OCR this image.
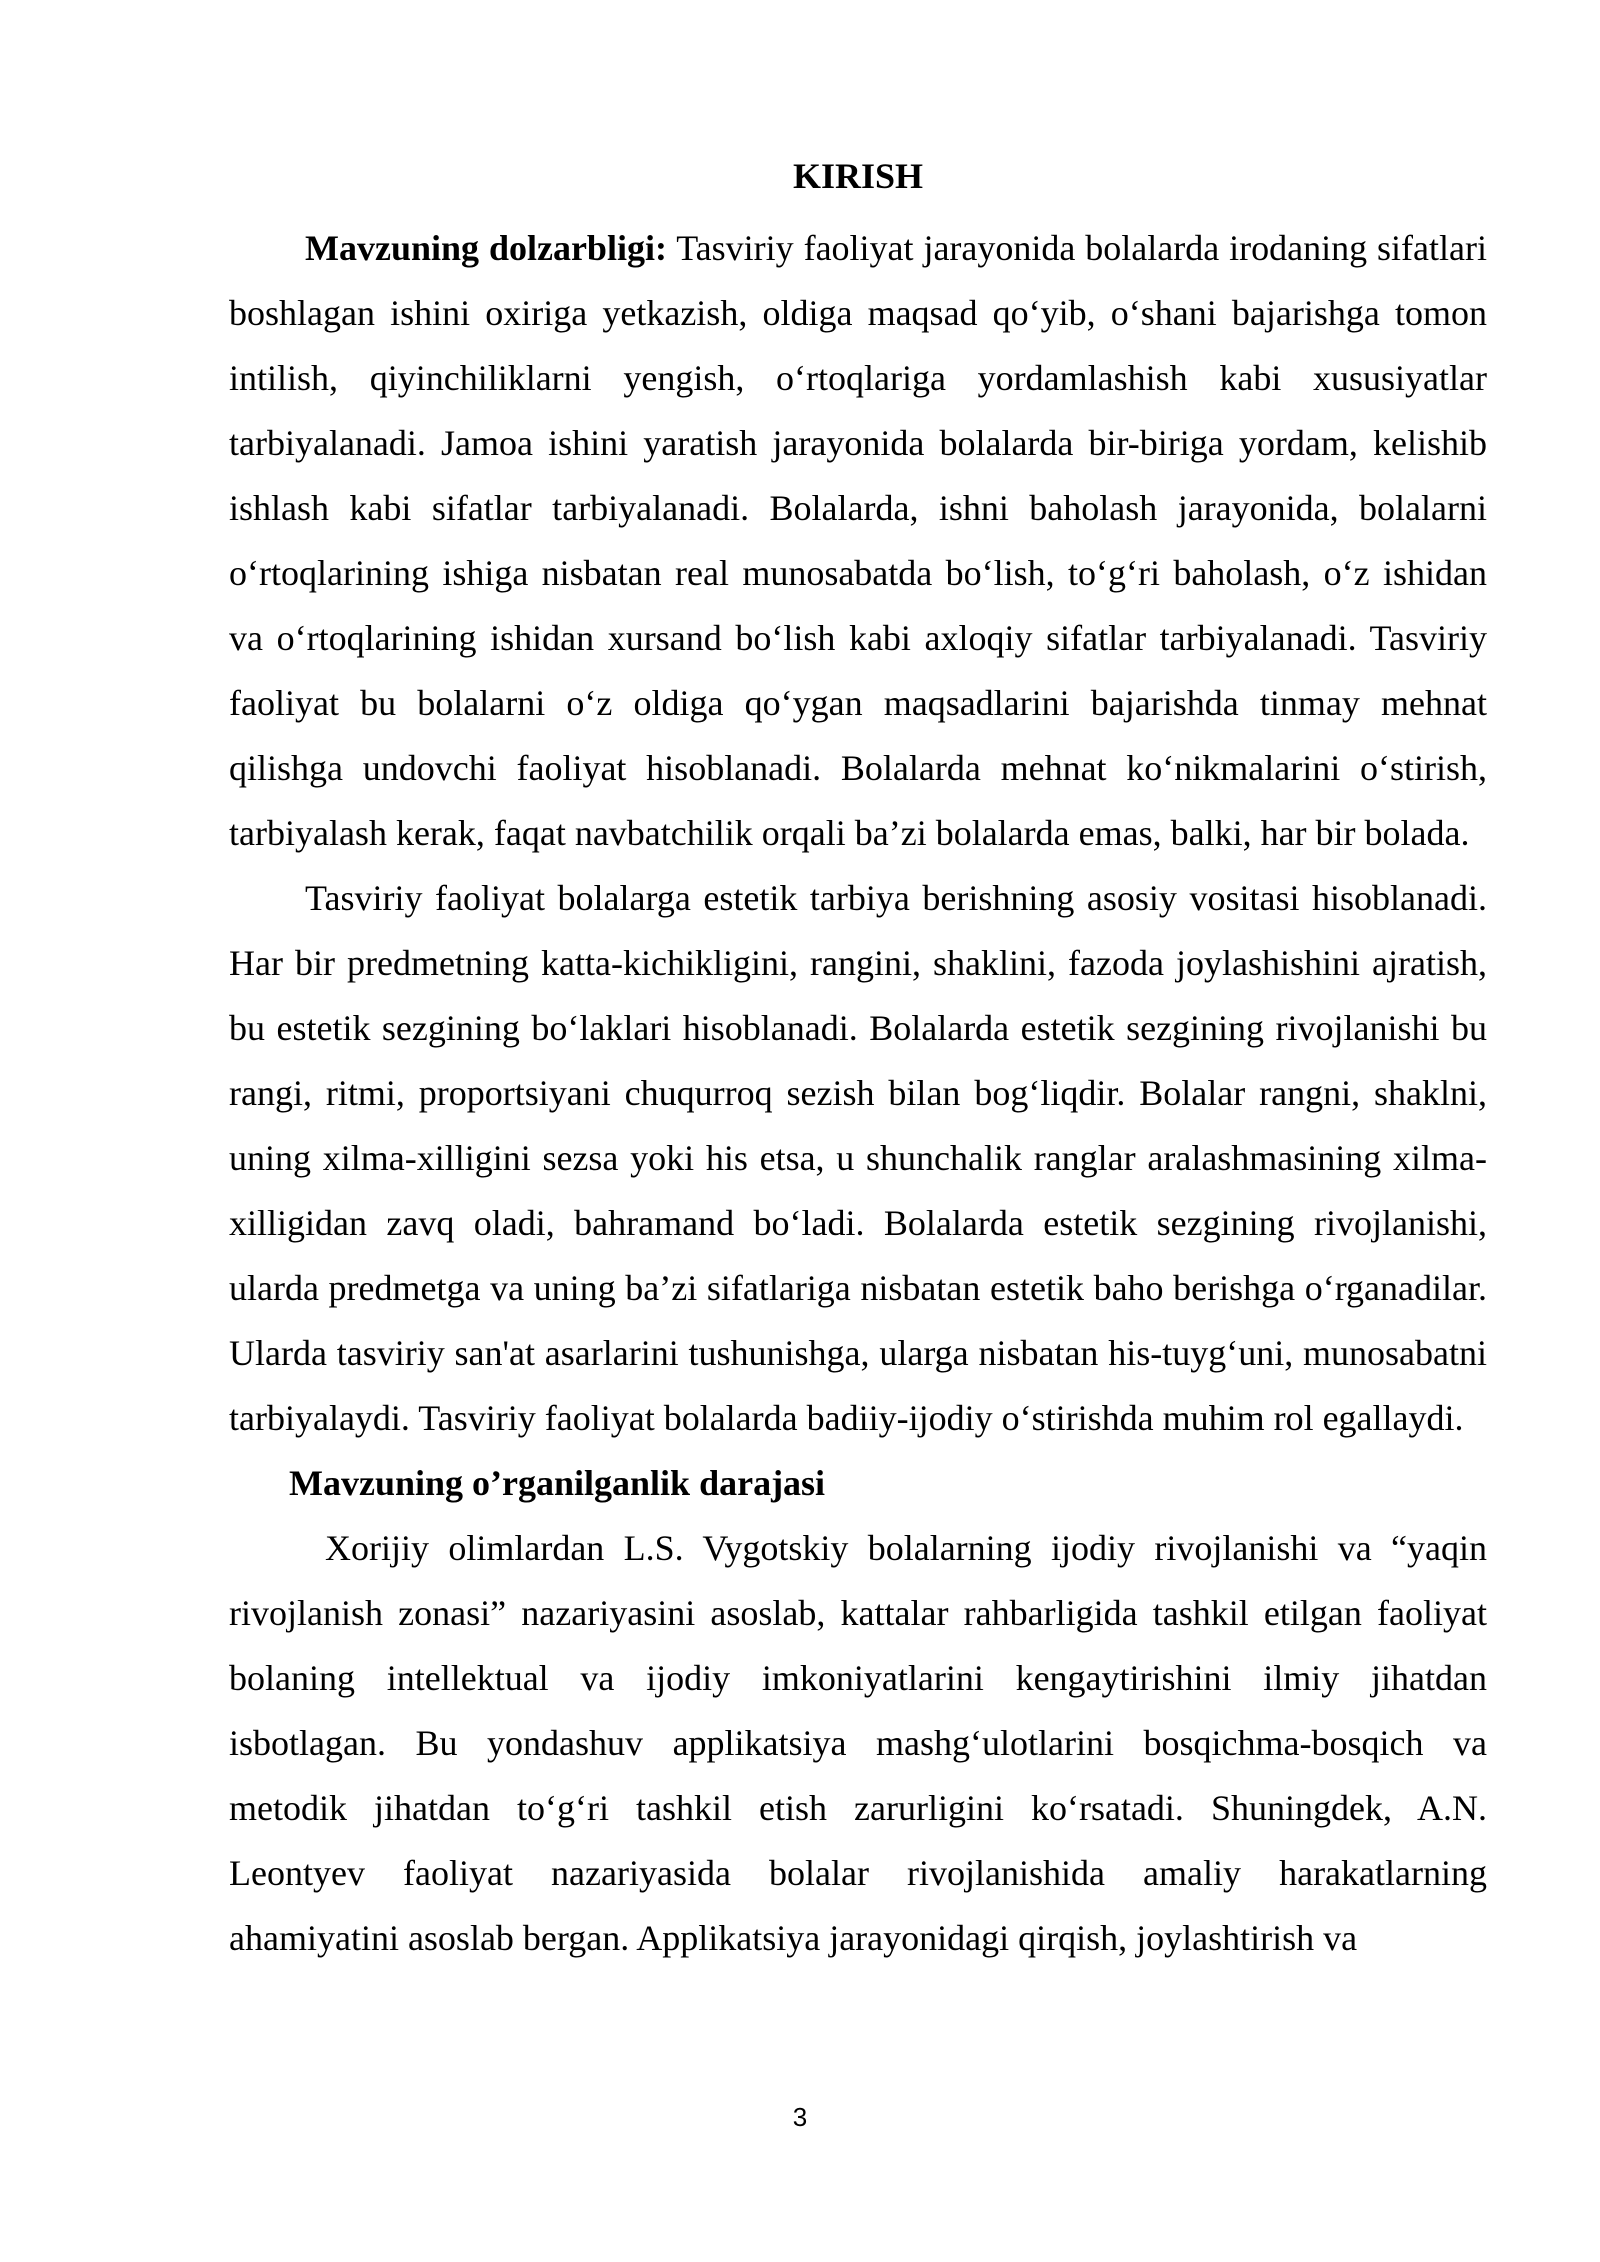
KIRISH

Mavzuning dolzarbligi: Tasviriy faoliyat jarayonida bolalarda irodaning sifatlari boshlagan ishini oxiriga yetkazish, oldiga maqsad qo‘yib, o‘shani bajarishga tomon intilish, qiyinchiliklarni yengish, o‘rtoqlariga yordamlashish kabi xususiyatlar tarbiyalanadi. Jamoa ishini yaratish jarayonida bolalarda bir-biriga yordam, kelishib ishlash kabi sifatlar tarbiyalanadi. Bolalarda, ishni baholash jarayonida, bolalarni o‘rtoqlarining ishiga nisbatan real munosabatda bo‘lish, to‘g‘ri baholash, o‘z ishidan va o‘rtoqlarining ishidan xursand bo‘lish kabi axloqiy sifatlar tarbiyalanadi. Tasviriy faoliyat bu bolalarni o‘z oldiga qo‘ygan maqsadlarini bajarishda tinmay mehnat qilishga undovchi faoliyat hisoblanadi. Bolalarda mehnat ko‘nikmalarini o‘stirish, tarbiyalash kerak, faqat navbatchilik orqali ba’zi bolalarda emas, balki, har bir bolada.

Tasviriy faoliyat bolalarga estetik tarbiya berishning asosiy vositasi hisoblanadi. Har bir predmetning katta-kichikligini, rangini, shaklini, fazoda joylashishini ajratish, bu estetik sezgining bo‘laklari hisoblanadi. Bolalarda estetik sezgining rivojlanishi bu rangi, ritmi, proportsiyani chuqurroq sezish bilan bog‘liqdir. Bolalar rangni, shaklni, uning xilma-xilligini sezsa yoki his etsa, u shunchalik ranglar aralashmasining xilma-xilligidan zavq oladi, bahramand bo‘ladi. Bolalarda estetik sezgining rivojlanishi, ularda predmetga va uning ba’zi sifatlariga nisbatan estetik baho berishga o‘rganadilar. Ularda tasviriy san'at asarlarini tushunishga, ularga nisbatan his-tuyg‘uni, munosabatni tarbiyalaydi. Tasviriy faoliyat bolalarda badiiy-ijodiy o‘stirishda muhim rol egallaydi.

Mavzuning o’rganilganlik darajasi

Xorijiy olimlardan L.S. Vygotskiy bolalarning ijodiy rivojlanishi va “yaqin rivojlanish zonasi” nazariyasini asoslab, kattalar rahbarligida tashkil etilgan faoliyat bolaning intellektual va ijodiy imkoniyatlarini kengaytirishini ilmiy jihatdan isbotlagan. Bu yondashuv applikatsiya mashg‘ulotlarini bosqichma-bosqich va metodik jihatdan to‘g‘ri tashkil etish zarurligini ko‘rsatadi. Shuningdek, A.N. Leontyev faoliyat nazariyasida bolalar rivojlanishida amaliy harakatlarning ahamiyatini asoslab bergan. Applikatsiya jarayonidagi qirqish, joylashtirish va

3
